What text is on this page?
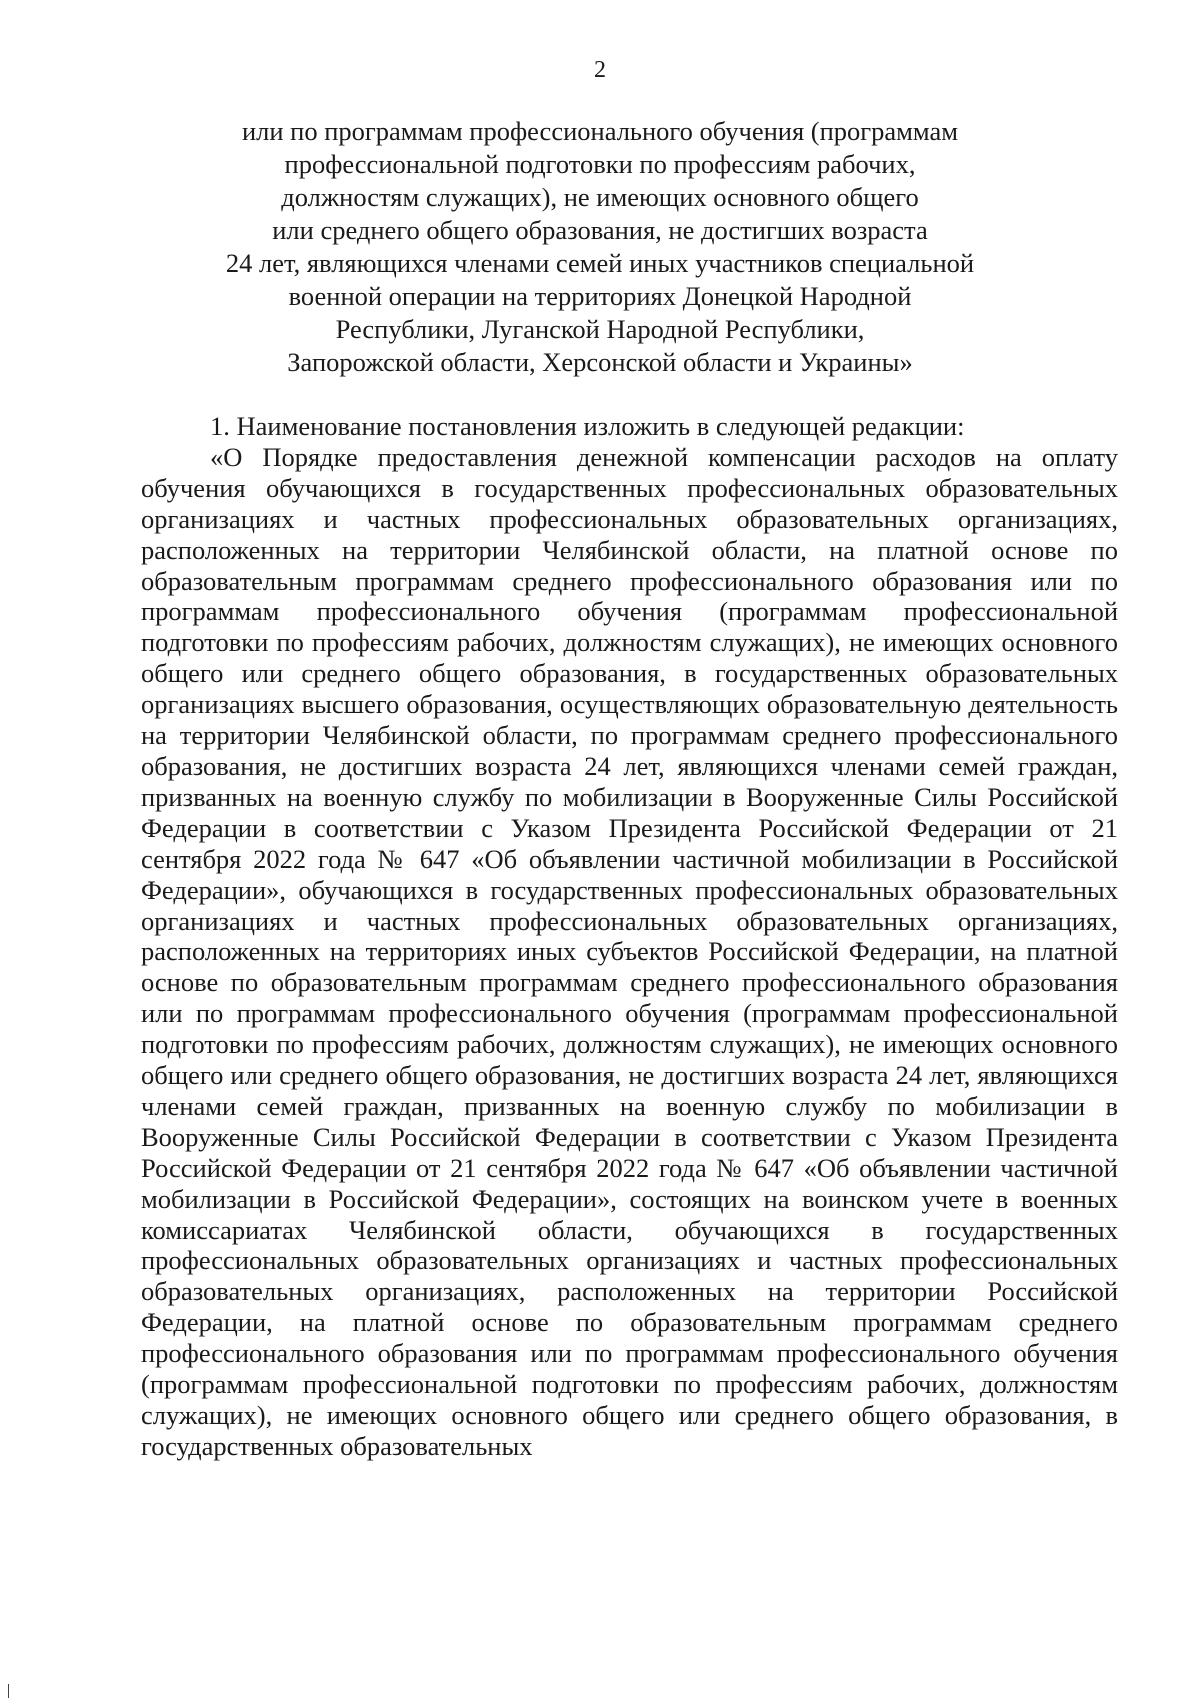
2
или по программам профессионального обучения (программам
профессиональной подготовки по профессиям рабочих,
должностям служащих), не имеющих основного общего
или среднего общего образования, не достигших возраста
24 лет, являющихся членами семей иных участников специальной
военной операции на территориях Донецкой Народной
Республики, Луганской Народной Республики,
Запорожской области, Херсонской области и Украины»

1. Наименование постановления изложить в следующей редакции:

«О Порядке предоставления денежной компенсации расходов на оплату обучения обучающихся в государственных профессиональных образовательных организациях и частных профессиональных образовательных организациях, расположенных на территории Челябинской области, на платной основе по образовательным программам среднего профессионального образования или по программам профессионального обучения (программам профессиональной подготовки по профессиям рабочих, должностям служащих), не имеющих основного общего или среднего общего образования, в государственных образовательных организациях высшего образования, осуществляющих образовательную деятельность на территории Челябинской области, по программам среднего профессионального образования, не достигших возраста 24 лет, являющихся членами семей граждан, призванных на военную службу по мобилизации в Вооруженные Силы Российской Федерации в соответствии с Указом Президента Российской Федерации от 21 сентября 2022 года № 647 «Об объявлении частичной мобилизации в Российской Федерации», обучающихся в государственных профессиональных образовательных организациях и частных профессиональных образовательных организациях, расположенных на территориях иных субъектов Российской Федерации, на платной основе по образовательным программам среднего профессионального образования или по программам профессионального обучения (программам профессиональной подготовки по профессиям рабочих, должностям служащих), не имеющих основного общего или среднего общего образования, не достигших возраста 24 лет, являющихся членами семей граждан, призванных на военную службу по мобилизации в Вооруженные Силы Российской Федерации в соответствии с Указом Президента Российской Федерации от 21 сентября 2022 года № 647 «Об объявлении частичной мобилизации в Российской Федерации», состоящих на воинском учете в военных комиссариатах Челябинской области, обучающихся в государственных профессиональных образовательных организациях и частных профессиональных образовательных организациях, расположенных на территории Российской Федерации, на платной основе по образовательным программам среднего профессионального образования или по программам профессионального обучения (программам профессиональной подготовки по профессиям рабочих, должностям служащих), не имеющих основного общего или среднего общего образования, в государственных образовательных
